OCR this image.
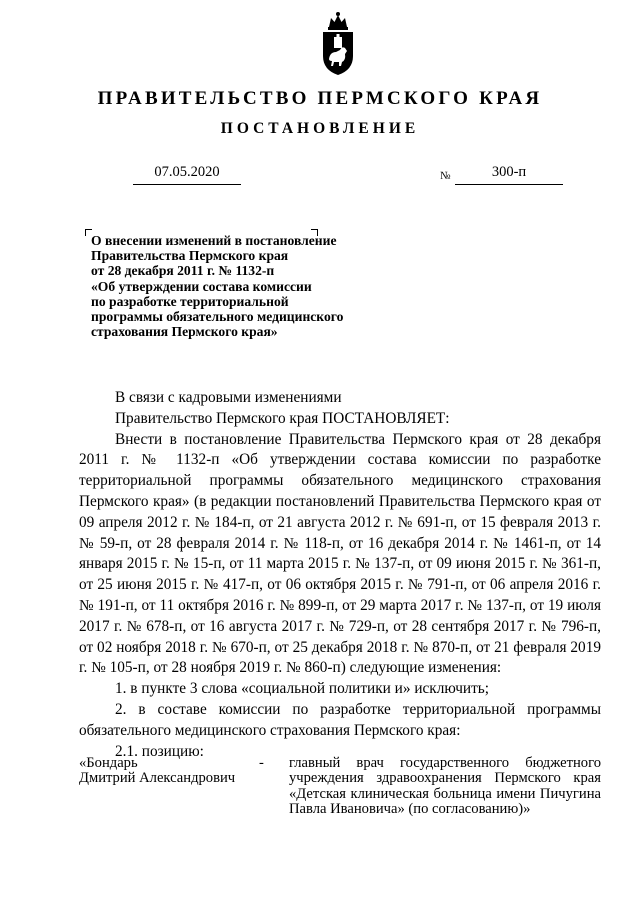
ПРАВИТЕЛЬСТВО ПЕРМСКОГО КРАЯ
ПОСТАНОВЛЕНИЕ
07.05.2020	№	300-п
О внесении изменений в постановление
Правительства Пермского края
от 28 декабря 2011 г. № 1132-п
«Об утверждении состава комиссии
по разработке территориальной
программы обязательного медицинского
страхования Пермского края»

В связи с кадровыми изменениями

Правительство Пермского края ПОСТАНОВЛЯЕТ:

Внести в постановление Правительства Пермского края от 28 декабря 2011 г. № 1132-п «Об утверждении состава комиссии по разработке территориальной программы обязательного медицинского страхования Пермского края» (в редакции постановлений Правительства Пермского края от 09 апреля 2012 г. № 184-п, от 21 августа 2012 г. № 691-п, от 15 февраля 2013 г. № 59-п, от 28 февраля 2014 г. № 118-п, от 16 декабря 2014 г. № 1461-п, от 14 января 2015 г. № 15-п, от 11 марта 2015 г. № 137-п, от 09 июня 2015 г. № 361-п, от 25 июня 2015 г. № 417-п, от 06 октября 2015 г. № 791-п, от 06 апреля 2016 г. № 191-п, от 11 октября 2016 г. № 899-п, от 29 марта 2017 г. № 137-п, от 19 июля 2017 г. № 678-п, от 16 августа 2017 г. № 729-п, от 28 сентября 2017 г. № 796-п, от 02 ноября 2018 г. № 670-п, от 25 декабря 2018 г. № 870-п, от 21 февраля 2019 г. № 105-п, от 28 ноября 2019 г. № 860-п) следующие изменения:

1. в пункте 3 слова «социальной политики и» исключить;

2. в составе комиссии по разработке территориальной программы обязательного медицинского страхования Пермского края:

2.1. позицию:

«Бондарь
Дмитрий Александрович
- главный врач государственного бюджетного учреждения здравоохранения Пермского края «Детская клиническая больница имени Пичугина Павла Ивановича» (по согласованию)»
